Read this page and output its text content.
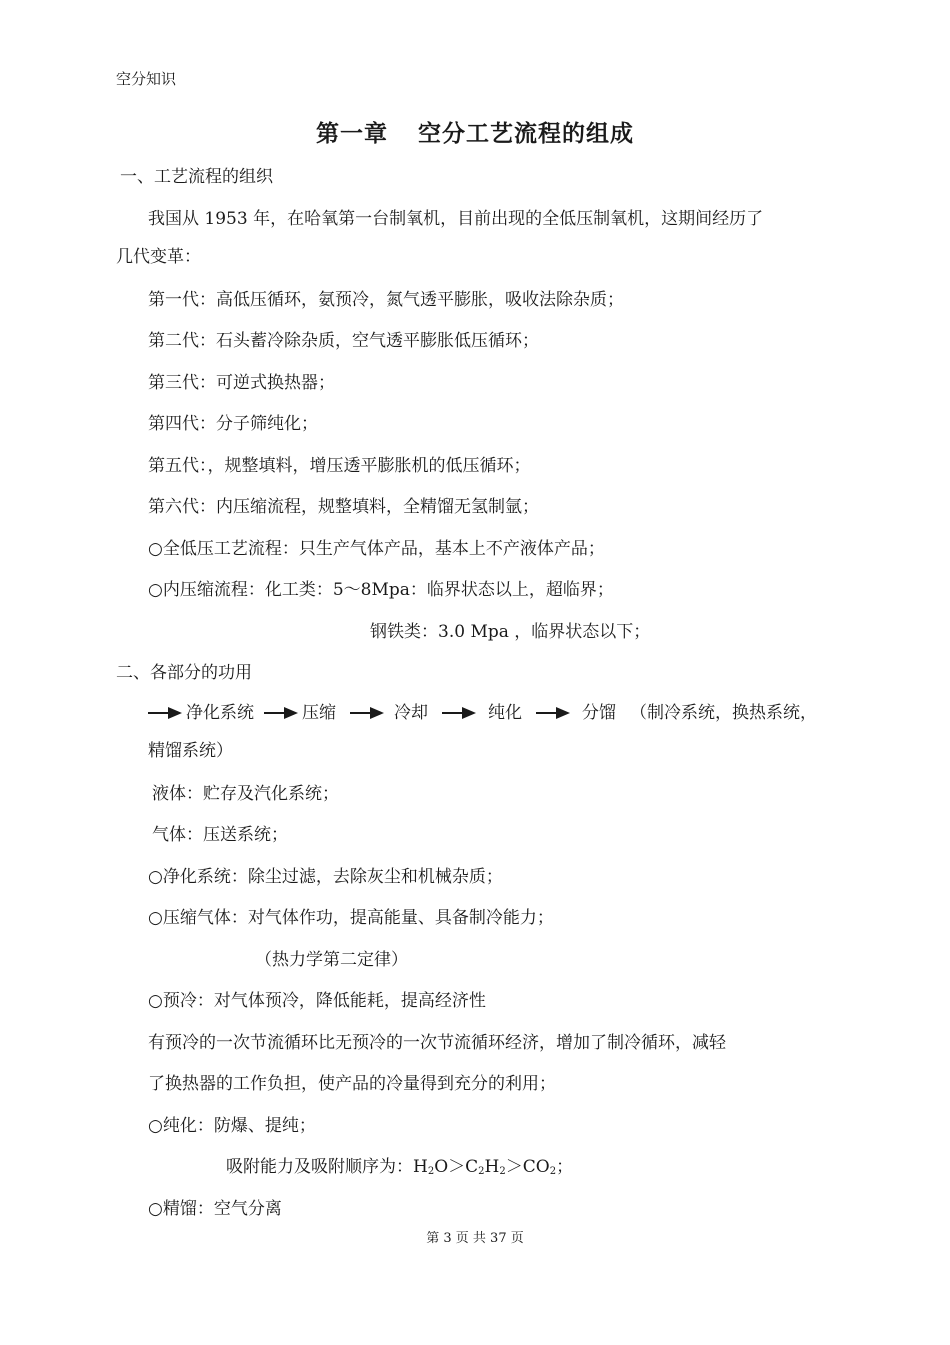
空分知识
第一章 空分工艺流程的组成
一、工艺流程的组织
我国从 1953 年，在哈氧第一台制氧机，目前出现的全低压制氧机，这期间经历了
几代变革：
第一代：高低压循环，氨预冷，氮气透平膨胀，吸收法除杂质；
第二代：石头蓄冷除杂质，空气透平膨胀低压循环；
第三代：可逆式换热器；
第四代：分子筛纯化；
第五代：，规整填料，增压透平膨胀机的低压循环；
第六代：内压缩流程，规整填料，全精馏无氢制氩；
○全低压工艺流程：只生产气体产品，基本上不产液体产品；
○内压缩流程：化工类：5～8Mpa：临界状态以上，超临界；
钢铁类：3.0 Mpa ，临界状态以下；
二、各部分的功用
净化系统	压缩	冷却	纯化	分馏 （制冷系统，换热系统，
精馏系统）
液体：贮存及汽化系统；
气体：压送系统；
○净化系统：除尘过滤，去除灰尘和机械杂质；
○压缩气体：对气体作功，提高能量、具备制冷能力；
（热力学第二定律）
○预冷：对气体预冷，降低能耗，提高经济性
有预冷的一次节流循环比无预冷的一次节流循环经济，增加了制冷循环，减轻
了换热器的工作负担，使产品的冷量得到充分的利用；
○纯化：防爆、提纯；
吸附能力及吸附顺序为：$H_2O>C_2H_2>CO_2$；
○精馏：空气分离
第 3 页 共 37 页
